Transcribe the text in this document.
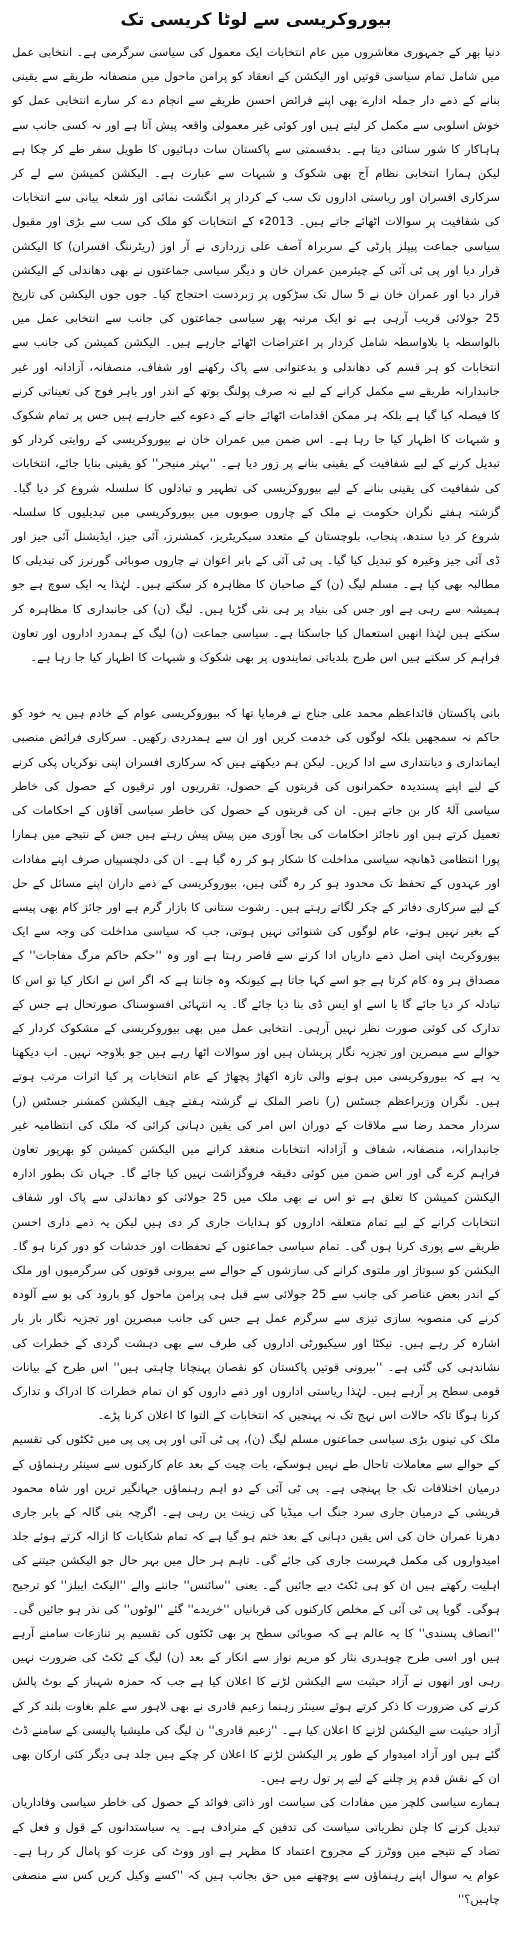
بیوروکریسی سے لوٹا کریسی تک

دنیا بھر کے جمہوری معاشروں میں عام انتخابات ایک معمول کی سیاسی سرگرمی ہے۔ انتخابی عمل میں شامل تمام سیاسی قوتیں اور الیکشن کے انعقاد کو پرامن ماحول میں منصفانہ طریقے سے یقینی بنانے کے ذمے دار جملہ ادارے بھی اپنے فرائض احسن طریقے سے انجام دے کر سارے انتخابی عمل کو خوش اسلوبی سے مکمل کر لیتے ہیں اور کوئی غیر معمولی واقعہ پیش آتا ہے اور نہ کسی جانب سے ہاہاکار کا شور سنائی دیتا ہے۔ بدقسمتی سے پاکستان سات دہائیوں کا طویل سفر طے کر چکا ہے لیکن ہمارا انتخابی نظام آج بھی شکوک و شبہات سے عبارت ہے۔ الیکشن کمیشن سے لے کر سرکاری افسران اور ریاستی اداروں تک سب کے کردار پر انگشت نمائی اور شعلہ بیانی سے انتخابات کی شفافیت پر سوالات اٹھائے جاتے ہیں۔ 2013ء کے انتخابات کو ملک کی سب سے بڑی اور مقبول سیاسی جماعت پیپلز پارٹی کے سربراہ آصف علی زرداری نے آر اوز (ریٹرننگ افسران) کا الیکشن قرار دیا اور پی ٹی آئی کے چیئرمین عمران خان و دیگر سیاسی جماعتوں نے بھی دھاندلی کے الیکشن قرار دیا اور عمران خان نے 5 سال تک سڑکوں پر زبردست احتجاج کیا۔ جوں جوں الیکشن کی تاریخ 25 جولائی قریب آرہی ہے تو ایک مرتبہ پھر سیاسی جماعتوں کی جانب سے انتخابی عمل میں بالواسطہ یا بلاواسطہ شامل کردار پر اعتراضات اٹھائے جارہے ہیں۔ الیکشن کمیشن کی جانب سے انتخابات کو ہر قسم کی دھاندلی و بدعنوانی سے پاک رکھنے اور شفاف، منصفانہ، آزادانہ اور غیر جانبدارانہ طریقے سے مکمل کرانے کے لیے نہ صرف پولنگ بوتھ کے اندر اور باہر فوج کی تعیناتی کرنے کا فیصلہ کیا گیا ہے بلکہ ہر ممکن اقدامات اٹھائے جانے کے دعوے کیے جارہے ہیں جس پر تمام شکوک و شبہات کا اظہار کیا جا رہا ہے۔ اس ضمن میں عمران خان نے بیوروکریسی کے روایتی کردار کو تبدیل کرنے کے لیے شفافیت کے یقینی بنانے پر زور دیا ہے۔ ''بہتر منیجر'' کو یقینی بنایا جائے، انتخابات کی شفافیت کی یقینی بنانے کے لیے بیوروکریسی کی تطہیر و تبادلوں کا سلسلہ شروع کر دیا گیا۔ گزشتہ ہفتے نگران حکومت نے ملک کے چاروں صوبوں میں بیوروکریسی میں تبدیلیوں کا سلسلہ شروع کر دیا سندھ، پنجاب، بلوچستان کے متعدد سیکریٹریز، کمشنرز، آئی جیز، ایڈیشنل آئی جیز اور ڈی آئی جیز وغیرہ کو تبدیل کیا گیا۔ پی ٹی آئی کے بابر اعوان نے چاروں صوبائی گورنرز کی تبدیلی کا مطالبہ بھی کیا ہے۔ مسلم لیگ (ن) کے صاحبان کا مظاہرہ کر سکتے ہیں۔ لہٰذا یہ ایک سوچ ہے جو ہمیشہ سے رہی ہے اور جس کی بنیاد پر ہی نئی گڑیا ہیں۔ لیگ (ن) کی جانبداری کا مظاہرہ کر سکتے ہیں لہٰذا انھیں استعمال کیا جاسکتا ہے۔ سیاسی جماعت (ن) لیگ کے ہمدرد اداروں اور تعاون فراہم کر سکتے ہیں اس طرح بلدیاتی نمایندوں پر بھی شکوک و شبہات کا اظہار کیا جا رہا ہے۔

بانی پاکستان قائداعظم محمد علی جناح نے فرمایا تھا کہ بیوروکریسی عوام کے خادم ہیں یہ خود کو حاکم نہ سمجھیں بلکہ لوگوں کی خدمت کریں اور ان سے ہمدردی رکھیں۔ سرکاری فرائض منصبی ایمانداری و دیانتداری سے ادا کریں۔ لیکن ہم دیکھتے ہیں کہ سرکاری افسران اپنی نوکریاں پکی کرنے کے لیے اپنے پسندیدہ حکمرانوں کی قربتوں کے حصول، تقرریوں اور ترقیوں کے حصول کی خاطر سیاسی آلۂ کار بن جاتے ہیں۔ ان کی قربتوں کے حصول کی خاطر سیاسی آقاؤں کے احکامات کی تعمیل کرتے ہیں اور ناجائز احکامات کی بجا آوری میں پیش پیش رہتے ہیں جس کے نتیجے میں ہمارا پورا انتظامی ڈھانچہ سیاسی مداخلت کا شکار ہو کر رہ گیا ہے۔ ان کی دلچسپیاں صرف اپنے مفادات اور عہدوں کے تحفظ تک محدود ہو کر رہ گئی ہیں، بیوروکریسی کے ذمے داران اپنے مسائل کے حل کے لیے سرکاری دفاتر کے چکر لگاتے رہتے ہیں۔ رشوت ستانی کا بازار گرم ہے اور جائز کام بھی پیسے کے بغیر نہیں ہوتے، عام لوگوں کی شنوائی نہیں ہوتی، جب کہ سیاسی مداخلت کی وجہ سے ایک بیوروکریٹ اپنی اصل ذمے داریاں ادا کرنے سے قاصر رہتا ہے اور وہ ''حکم حاکم مرگ مفاجات'' کے مصداق ہر وہ کام کرتا ہے جو اسے کہا جاتا ہے کیونکہ وہ جانتا ہے کہ اگر اس نے انکار کیا تو اس کا تبادلہ کر دیا جائے گا یا اسے او ایس ڈی بنا دیا جائے گا۔ یہ انتہائی افسوسناک صورتحال ہے جس کے تدارک کی کوئی صورت نظر نہیں آرہی۔ انتخابی عمل میں بھی بیوروکریسی کے مشکوک کردار کے حوالے سے مبصرین اور تجزیہ نگار پریشان ہیں اور سوالات اٹھا رہے ہیں جو بلاوجہ نہیں۔ اب دیکھنا یہ ہے کہ بیوروکریسی میں ہونے والی تازہ اکھاڑ پچھاڑ کے عام انتخابات پر کیا اثرات مرتب ہوتے ہیں۔ نگران وزیراعظم جسٹس (ر) ناصر الملک نے گزشتہ ہفتے چیف الیکشن کمشنر جسٹس (ر) سردار محمد رضا سے ملاقات کے دوران اس امر کی یقین دہانی کرائی کہ ملک کی انتظامیہ غیر جانبدارانہ، منصفانہ، شفاف و آزادانہ انتخابات منعقد کرانے میں الیکشن کمیشن کو بھرپور تعاون فراہم کرے گی اور اس ضمن میں کوئی دقیقہ فروگزاشت نہیں کیا جائے گا۔ جہاں تک بطور ادارہ الیکشن کمیشن کا تعلق ہے تو اس نے بھی ملک میں 25 جولائی کو دھاندلی سے پاک اور شفاف انتخابات کرانے کے لیے تمام متعلقہ اداروں کو ہدایات جاری کر دی ہیں لیکن یہ ذمے داری احسن طریقے سے پوری کرنا ہوں گی۔ تمام سیاسی جماعتوں کے تحفظات اور خدشات کو دور کرنا ہو گا۔ الیکشن کو سبوتاژ اور ملتوی کرانے کی سازشوں کے حوالے سے بیرونی قوتوں کی سرگرمیوں اور ملک کے اندر بعض عناصر کی جانب سے 25 جولائی سے قبل ہی پرامن ماحول کو بارود کی بو سے آلودہ کرنے کی منصوبہ سازی تیزی سے سرگرم عمل ہے جس کی جانب مبصرین اور تجزیہ نگار بار بار اشارہ کر رہے ہیں۔ نیکٹا اور سیکیورٹی اداروں کی طرف سے بھی دہشت گردی کے خطرات کی نشاندہی کی گئی ہے۔ ''بیرونی قوتیں پاکستان کو نقصان پہنچانا چاہتی ہیں'' اس طرح کے بیانات قومی سطح پر آرہے ہیں۔ لہٰذا ریاستی اداروں اور ذمے داروں کو ان تمام خطرات کا ادراک و تدارک کرنا ہوگا تاکہ حالات اس نہج تک نہ پہنچیں کہ انتخابات کے التوا کا اعلان کرنا پڑے۔

ملک کی تینوں بڑی سیاسی جماعتوں مسلم لیگ (ن)، پی ٹی آئی اور پی پی پی میں ٹکٹوں کی تقسیم کے حوالے سے معاملات تاحال طے نہیں ہوسکے، بات چیت کے بعد عام کارکنوں سے سینئر رہنماؤں کے درمیان اختلافات تک جا پہنچی ہے۔ پی ٹی آئی کے دو اہم رہنماؤں جہانگیر ترین اور شاہ محمود قریشی کے درمیان جاری سرد جنگ اب میڈیا کی زینت بن رہی ہے۔ اگرچہ بنی گالہ کے بابر جاری دھرنا عمران خان کی اس یقین دہانی کے بعد ختم ہو گیا ہے کہ تمام شکایات کا ازالہ کرتے ہوئے جلد امیدواروں کی مکمل فہرست جاری کی جائے گی۔ تاہم ہر حال میں بہر حال جو الیکشن جیتنے کی اہلیت رکھتے ہیں ان کو ہی ٹکٹ دیے جائیں گے۔ یعنی ''سائنس'' جاننے والے ''الیکٹ ایبلز'' کو ترجیح ہوگی۔ گویا پی ٹی آئی کے مخلص کارکنوں کی قربانیاں ''خریدے'' گئے ''لوٹوں'' کی نذر ہو جائیں گی۔ ''انصاف پسندی'' کا یہ عالم ہے کہ صوبائی سطح پر بھی ٹکٹوں کی تقسیم پر تنازعات سامنے آرہے ہیں اور اسی طرح چوہدری نثار کو مریم نواز سے انکار کے بعد (ن) لیگ کے ٹکٹ کی ضرورت نہیں رہی اور انھوں نے آزاد حیثیت سے الیکشن لڑنے کا اعلان کیا ہے جب کہ حمزہ شہباز کے بوٹ پالش کرنے کی ضرورت کا ذکر کرتے ہوئے سینئر رہنما زعیم قادری نے بھی لاہور سے علم بغاوت بلند کر کے آزاد حیثیت سے الیکشن لڑنے کا اعلان کیا ہے۔ ''زعیم قادری'' ن لیگ کی ملیشیا پالیسی کے سامنے ڈٹ گئے ہیں اور آزاد امیدوار کے طور پر الیکشن لڑنے کا اعلان کر چکے ہیں جلد ہی دیگر کئی ارکان بھی ان کے نقش قدم پر چلنے کے لیے پر تول رہے ہیں۔

ہمارے سیاسی کلچر میں مفادات کی سیاست اور ذاتی فوائد کے حصول کی خاطر سیاسی وفاداریاں تبدیل کرنے کا چلن نظریاتی سیاست کی تدفین کے مترادف ہے۔ یہ سیاستدانوں کے قول و فعل کے تضاد کے نتیجے میں ووٹرز کے مجروح اعتماد کا مظہر ہے اور ووٹ کی عزت کو پامال کر رہا ہے۔ عوام یہ سوال اپنے رہنماؤں سے پوچھنے میں حق بجانب ہیں کہ ''کسے وکیل کریں کس سے منصفی چاہیں؟''
